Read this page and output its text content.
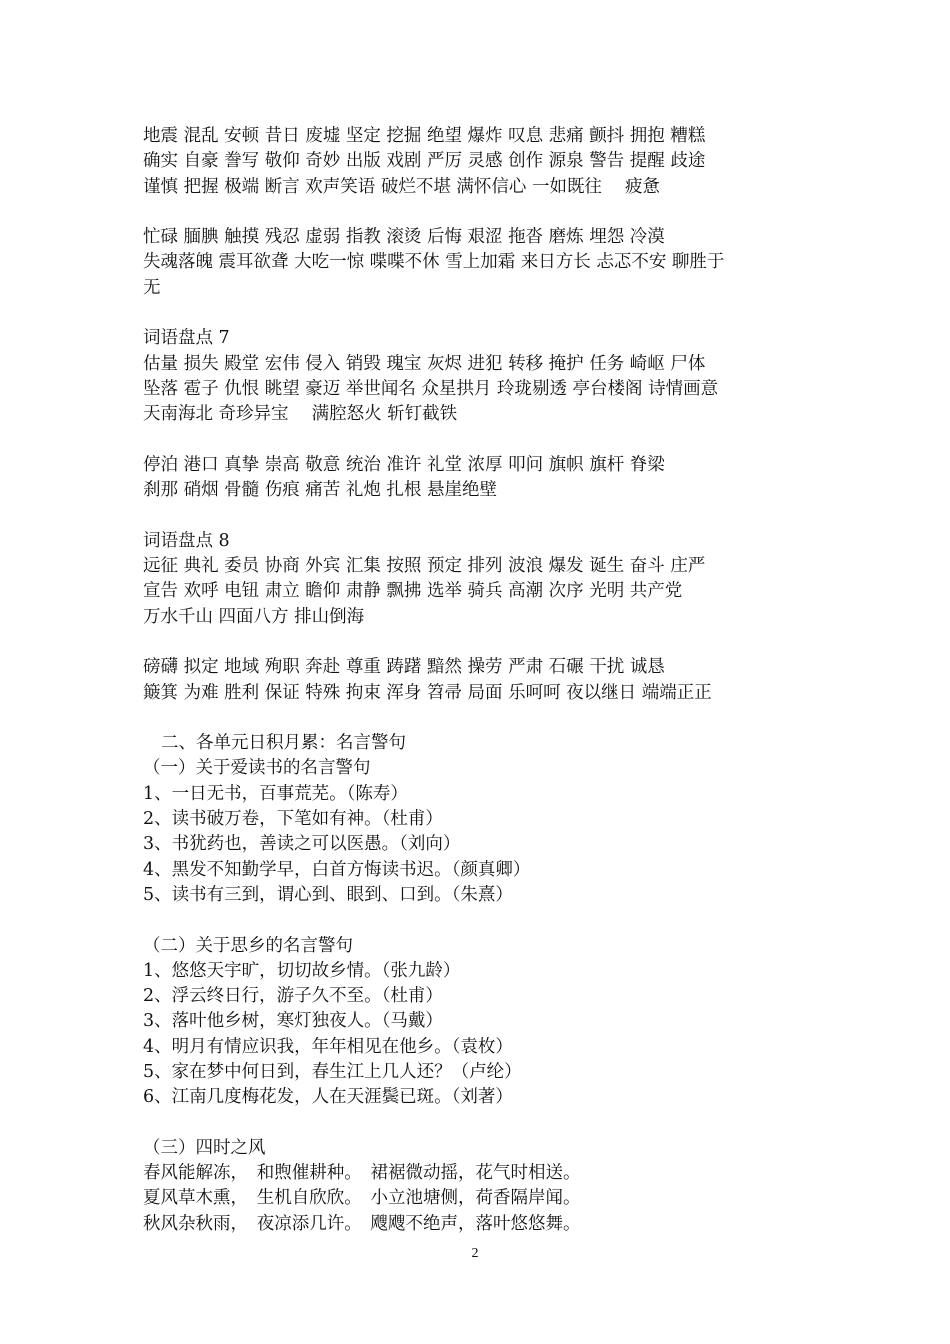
地震 混乱 安顿 昔日 废墟 坚定 挖掘 绝望 爆炸 叹息 悲痛 颤抖 拥抱 糟糕

确实 自豪 誊写 敬仰 奇妙 出版 戏剧 严厉 灵感 创作 源泉 警告 提醒 歧途

谨慎 把握 极端 断言 欢声笑语 破烂不堪 满怀信心 一如既往 　疲惫

忙碌 腼腆 触摸 残忍 虚弱 指教 滚烫 后悔 艰涩 拖沓 磨炼 埋怨 冷漠

失魂落魄 震耳欲聋 大吃一惊 喋喋不休 雪上加霜 来日方长 忐忑不安 聊胜于

无

词语盘点 7

估量 损失 殿堂 宏伟 侵入 销毁 瑰宝 灰烬 进犯 转移 掩护 任务 崎岖 尸体

坠落 雹子 仇恨 眺望 豪迈 举世闻名 众星拱月 玲珑剔透 亭台楼阁 诗情画意

天南海北 奇珍异宝 　满腔怒火 斩钉截铁

停泊 港口 真挚 崇高 敬意 统治 准许 礼堂 浓厚 叩问 旗帜 旗杆 脊梁

刹那 硝烟 骨髓 伤痕 痛苦 礼炮 扎根 悬崖绝壁

词语盘点 8

远征 典礼 委员 协商 外宾 汇集 按照 预定 排列 波浪 爆发 诞生 奋斗 庄严

宣告 欢呼 电钮 肃立 瞻仰 肃静 飘拂 选举 骑兵 高潮 次序 光明 共产党

万水千山 四面八方 排山倒海

磅礴 拟定 地域 殉职 奔赴 尊重 踌躇 黯然 操劳 严肃 石碾 干扰 诚恳

簸箕 为难 胜利 保证 特殊 拘束 浑身 笤帚 局面 乐呵呵 夜以继日 端端正正

二、各单元日积月累：名言警句

（一）关于爱读书的名言警句

1、一日无书，百事荒芜。（陈寿）

2、读书破万卷，下笔如有神。（杜甫）

3、书犹药也，善读之可以医愚。（刘向）

4、黑发不知勤学早，白首方悔读书迟。（颜真卿）

5、读书有三到，谓心到、眼到、口到。（朱熹）

（二）关于思乡的名言警句

1、悠悠天宇旷，切切故乡情。（张九龄）

2、浮云终日行，游子久不至。（杜甫）

3、落叶他乡树，寒灯独夜人。（马戴）

4、明月有情应识我，年年相见在他乡。（袁枚）

5、家在梦中何日到，春生江上几人还？（卢纶）

6、江南几度梅花发，人在天涯鬓已斑。（刘著）

（三）四时之风

春风能解冻，　和煦催耕种。　裙裾微动摇，花气时相送。

夏风草木熏，　生机自欣欣。　小立池塘侧，荷香隔岸闻。

秋风杂秋雨，　夜凉添几许。　飕飕不绝声，落叶悠悠舞。

2
